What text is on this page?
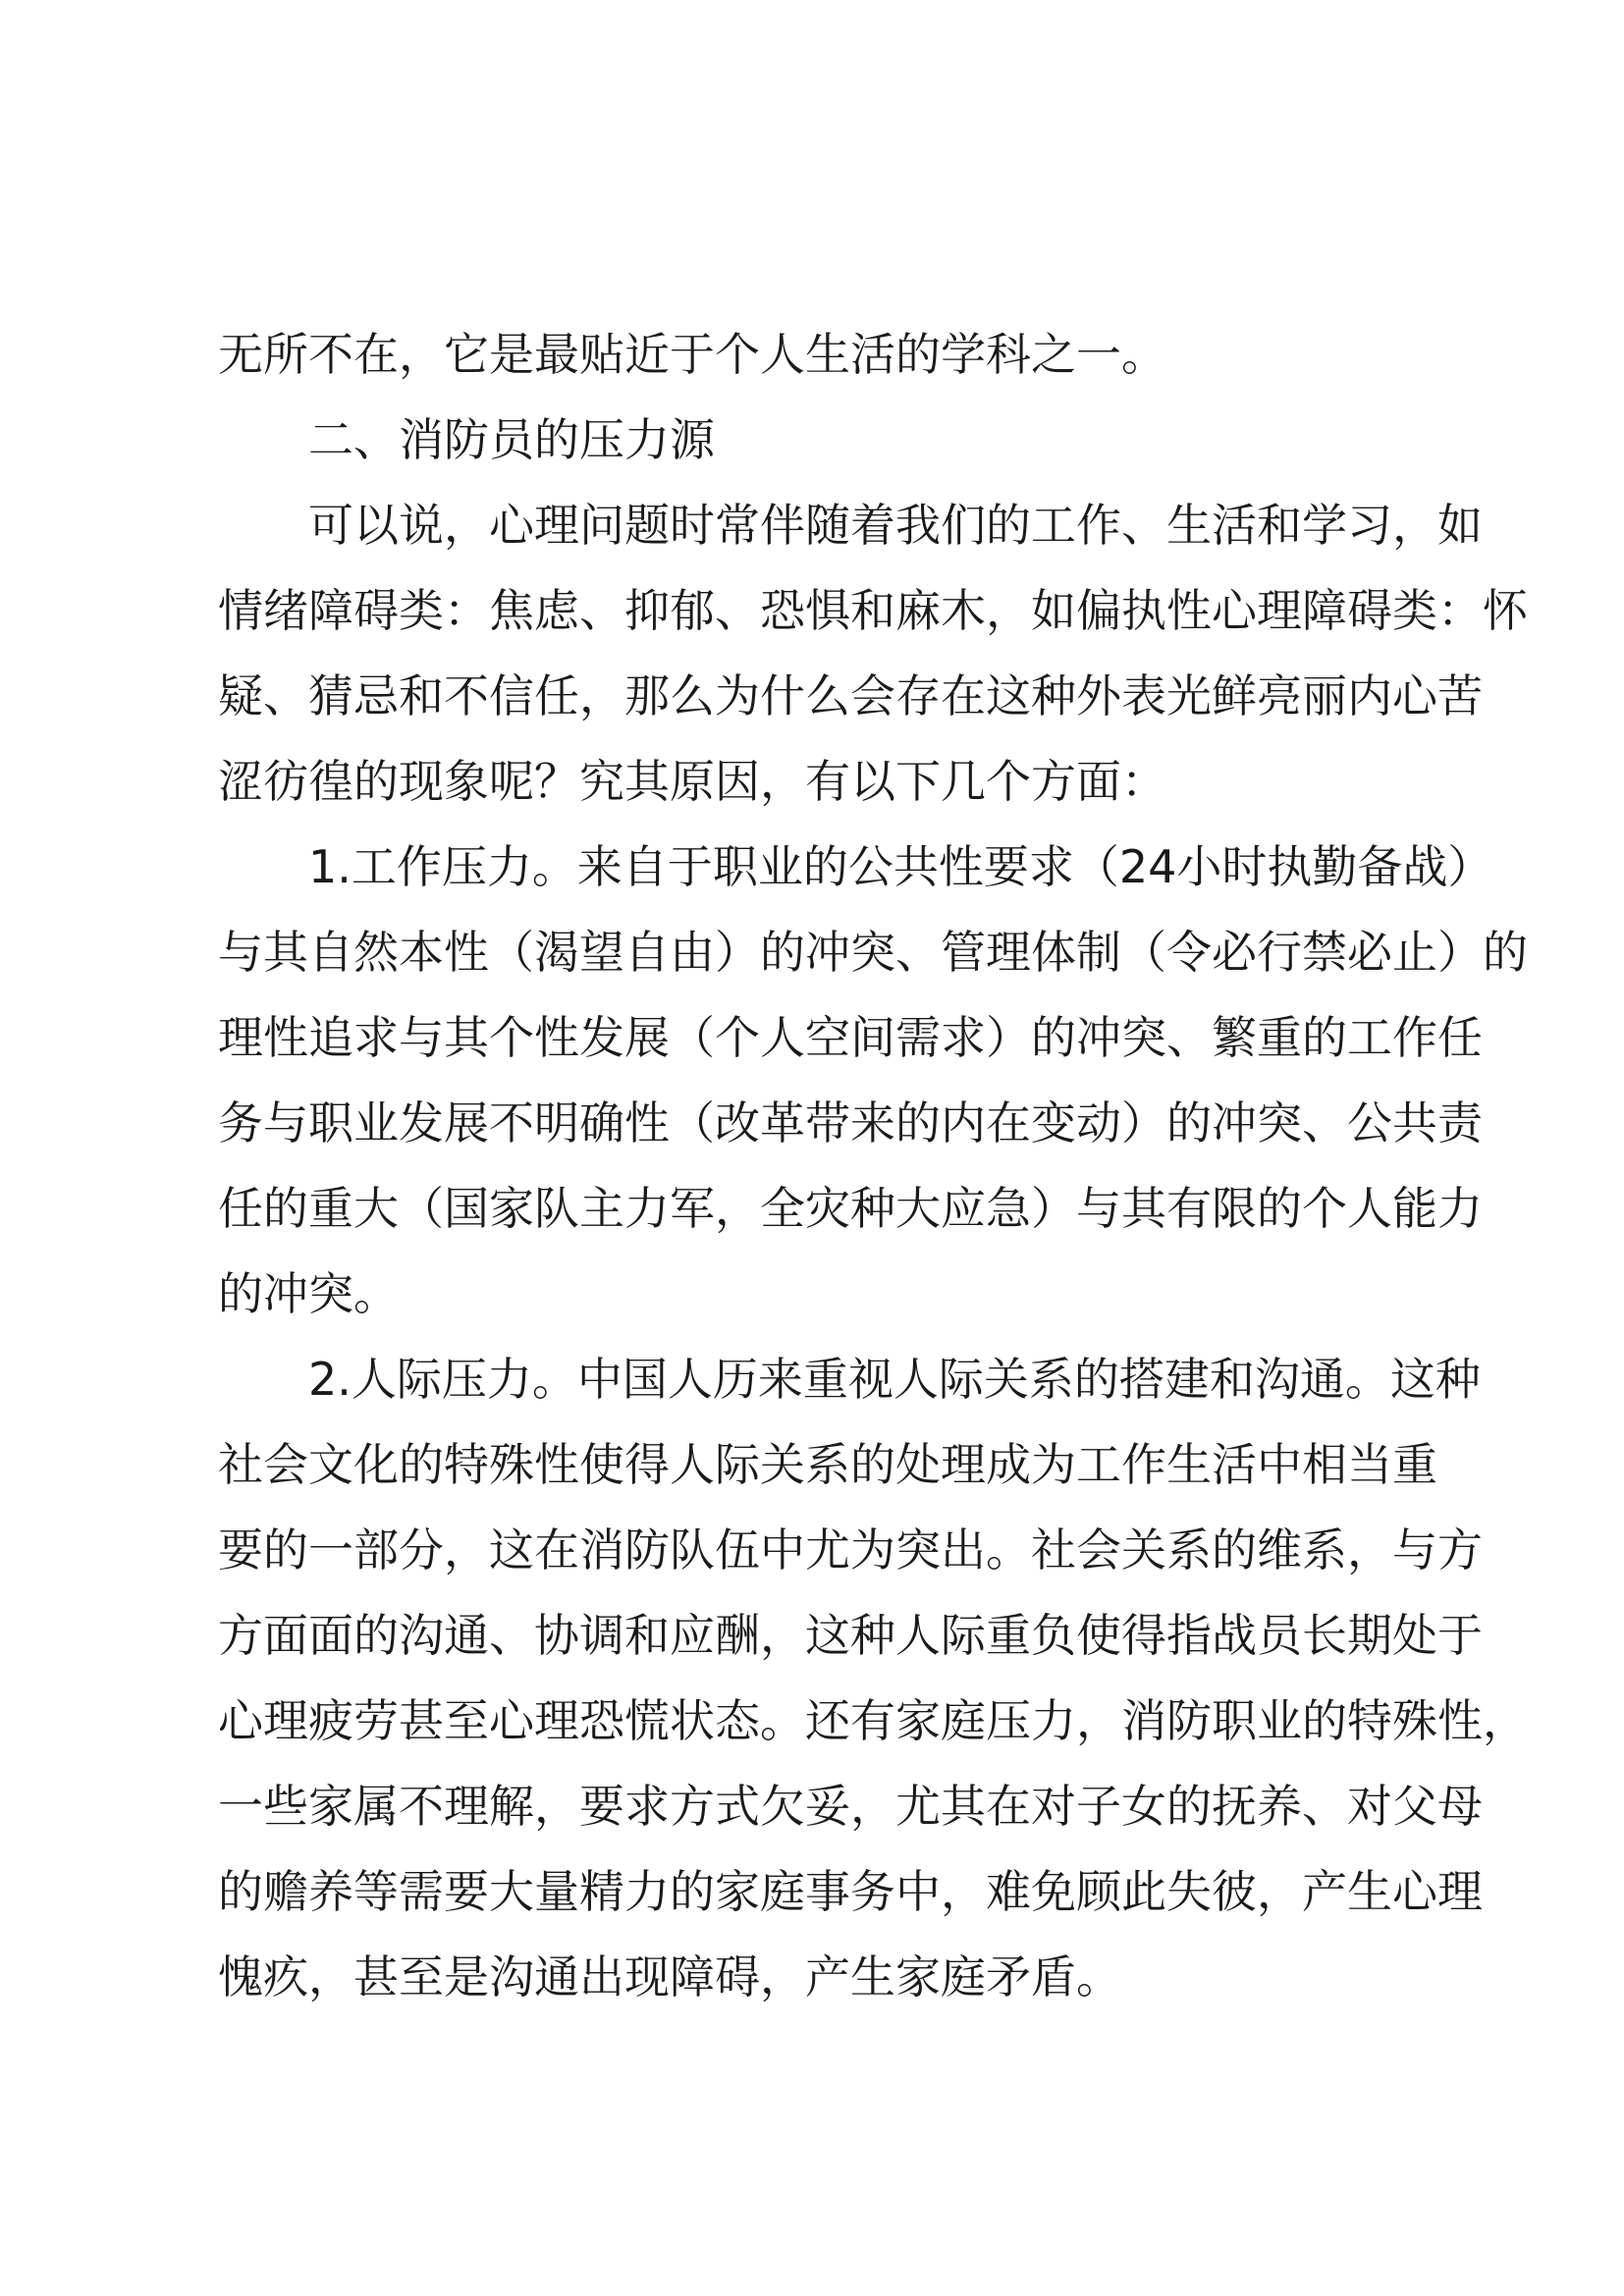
无所不在，它是最贴近于个人生活的学科之一。
二、消防员的压力源
可以说，心理问题时常伴随着我们的工作、生活和学习，如
情绪障碍类：焦虑、抑郁、恐惧和麻木，如偏执性心理障碍类：怀
疑、猜忌和不信任，那么为什么会存在这种外表光鲜亮丽内心苦
涩彷徨的现象呢？究其原因，有以下几个方面：
1.工作压力。来自于职业的公共性要求（24小时执勤备战）
与其自然本性（渴望自由）的冲突、管理体制（令必行禁必止）的
理性追求与其个性发展（个人空间需求）的冲突、繁重的工作任
务与职业发展不明确性（改革带来的内在变动）的冲突、公共责
任的重大（国家队主力军，全灾种大应急）与其有限的个人能力
的冲突。
2.人际压力。中国人历来重视人际关系的搭建和沟通。这种
社会文化的特殊性使得人际关系的处理成为工作生活中相当重
要的一部分，这在消防队伍中尤为突出。社会关系的维系，与方
方面面的沟通、协调和应酬，这种人际重负使得指战员长期处于
心理疲劳甚至心理恐慌状态。还有家庭压力，消防职业的特殊性，
一些家属不理解，要求方式欠妥，尤其在对子女的抚养、对父母
的赡养等需要大量精力的家庭事务中，难免顾此失彼，产生心理
愧疚，甚至是沟通出现障碍，产生家庭矛盾。
